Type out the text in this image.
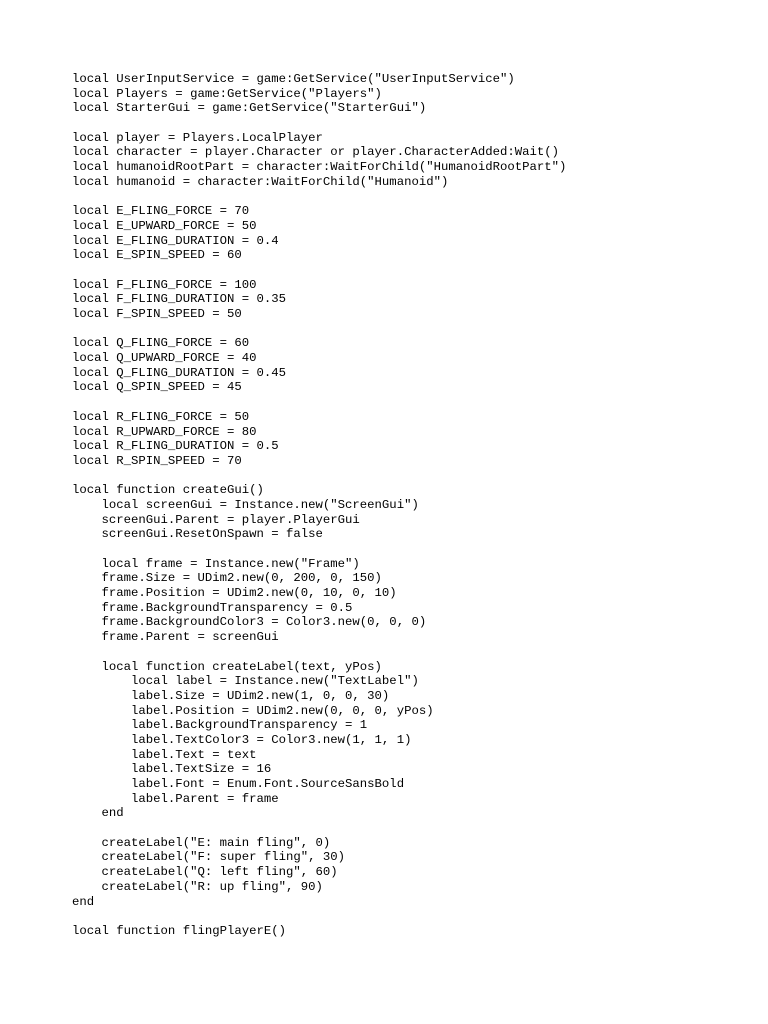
local UserInputService = game:GetService("UserInputService")
local Players = game:GetService("Players")
local StarterGui = game:GetService("StarterGui")
local player = Players.LocalPlayer
local character = player.Character or player.CharacterAdded:Wait()
local humanoidRootPart = character:WaitForChild("HumanoidRootPart")
local humanoid = character:WaitForChild("Humanoid")
local E_FLING_FORCE = 70
local E_UPWARD_FORCE = 50
local E_FLING_DURATION = 0.4
local E_SPIN_SPEED = 60
local F_FLING_FORCE = 100
local F_FLING_DURATION = 0.35
local F_SPIN_SPEED = 50
local Q_FLING_FORCE = 60
local Q_UPWARD_FORCE = 40
local Q_FLING_DURATION = 0.45
local Q_SPIN_SPEED = 45
local R_FLING_FORCE = 50
local R_UPWARD_FORCE = 80
local R_FLING_DURATION = 0.5
local R_SPIN_SPEED = 70
local function createGui()
local screenGui = Instance.new("ScreenGui")
screenGui.Parent = player.PlayerGui
screenGui.ResetOnSpawn = false
local frame = Instance.new("Frame")
frame.Size = UDim2.new(0, 200, 0, 150)
frame.Position = UDim2.new(0, 10, 0, 10)
frame.BackgroundTransparency = 0.5
frame.BackgroundColor3 = Color3.new(0, 0, 0)
frame.Parent = screenGui
local function createLabel(text, yPos)
local label = Instance.new("TextLabel")
label.Size = UDim2.new(1, 0, 0, 30)
label.Position = UDim2.new(0, 0, 0, yPos)
label.BackgroundTransparency = 1
label.TextColor3 = Color3.new(1, 1, 1)
label.Text = text
label.TextSize = 16
label.Font = Enum.Font.SourceSansBold
label.Parent = frame
end
createLabel("E: main fling", 0)
createLabel("F: super fling", 30)
createLabel("Q: left fling", 60)
createLabel("R: up fling", 90)
end
local function flingPlayerE()
